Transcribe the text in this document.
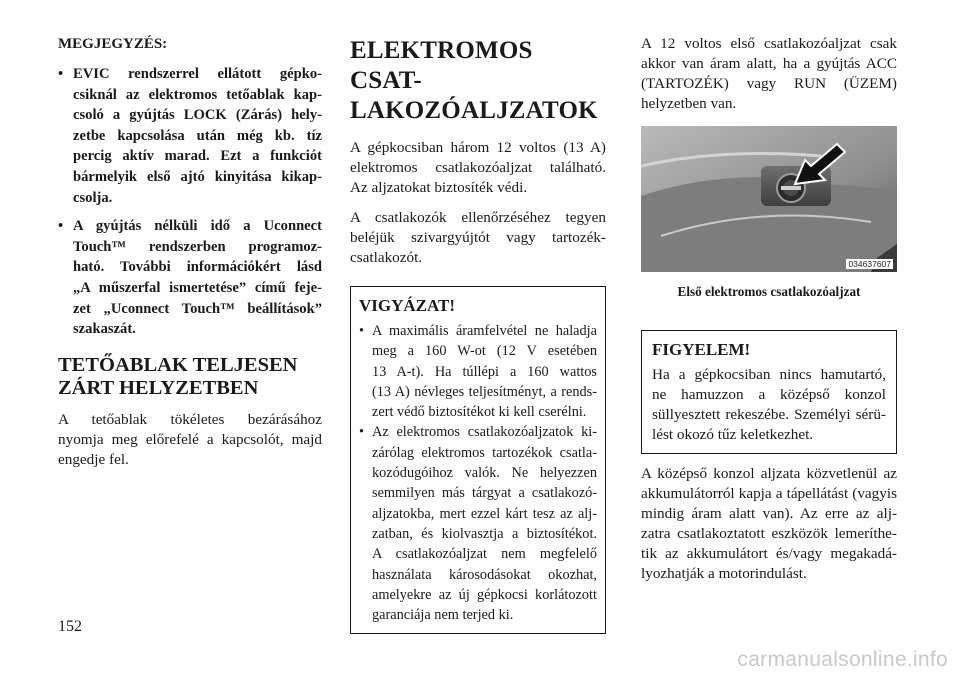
MEGJEGYZÉS:

• EVIC rendszerrel ellátott gépko-

csiknál az elektromos tetőablak kap-

csoló a gyújtás LOCK (Zárás) hely-

zetbe kapcsolása után még kb. tíz

percig aktív marad. Ezt a funkciót

bármelyik első ajtó kinyitása kikap-

csolja.

• A gyújtás nélküli idő a Uconnect

Touch™ rendszerben programoz-

ható. További információkért lásd

„A műszerfal ismertetése” című feje-

zet „Uconnect Touch™ beállítások”

szakaszát.

TETŐABLAK TELJESEN

ZÁRT HELYZETBEN

A tetőablak tökéletes bezárásához

nyomja meg előrefelé a kapcsolót, majd

engedje fel.

ELEKTROMOS CSAT-

LAKOZÓALJZATOK

A gépkocsiban három 12 voltos (13 A)

elektromos csatlakozóaljzat található.

Az aljzatokat biztosíték védi.

A csatlakozók ellenőrzéséhez tegyen

beléjük szivargyújtót vagy tartozék-

csatlakozót.

VIGYÁZAT!

• A maximális áramfelvétel ne haladja

meg a 160 W-ot (12 V esetében

13 A-t). Ha túllépi a 160 wattos

(13 A) névleges teljesítményt, a rends-

zert védő biztosítékot ki kell cserélni.

• Az elektromos csatlakozóaljzatok ki-

zárólag elektromos tartozékok csatla-

kozódugóihoz valók. Ne helyezzen

semmilyen más tárgyat a csatlakozó-

aljzatokba, mert ezzel kárt tesz az alj-

zatban, és kiolvasztja a biztosítékot.

A csatlakozóaljzat nem megfelelő

használata károsodásokat okozhat,

amelyekre az új gépkocsi korlátozott

garanciája nem terjed ki.

A 12 voltos első csatlakozóaljzat csak

akkor van áram alatt, ha a gyújtás ACC

(TARTOZÉK) vagy RUN (ÜZEM)

helyzetben van.

034637607

Első elektromos csatlakozóaljzat

FIGYELEM!

Ha a gépkocsiban nincs hamutartó,

ne hamuzzon a középső konzol

süllyesztett rekeszébe. Személyi sérü-

lést okozó tűz keletkezhet.

A középső konzol aljzata közvetlenül az

akkumulátorról kapja a tápellátást (vagyis

mindig áram alatt van). Az erre az alj-

zatra csatlakoztatott eszközök lemeríthe-

tik az akkumulátort és/vagy megakadá-

lyozhatják a motorindulást.

152
carmanualsonline.info
